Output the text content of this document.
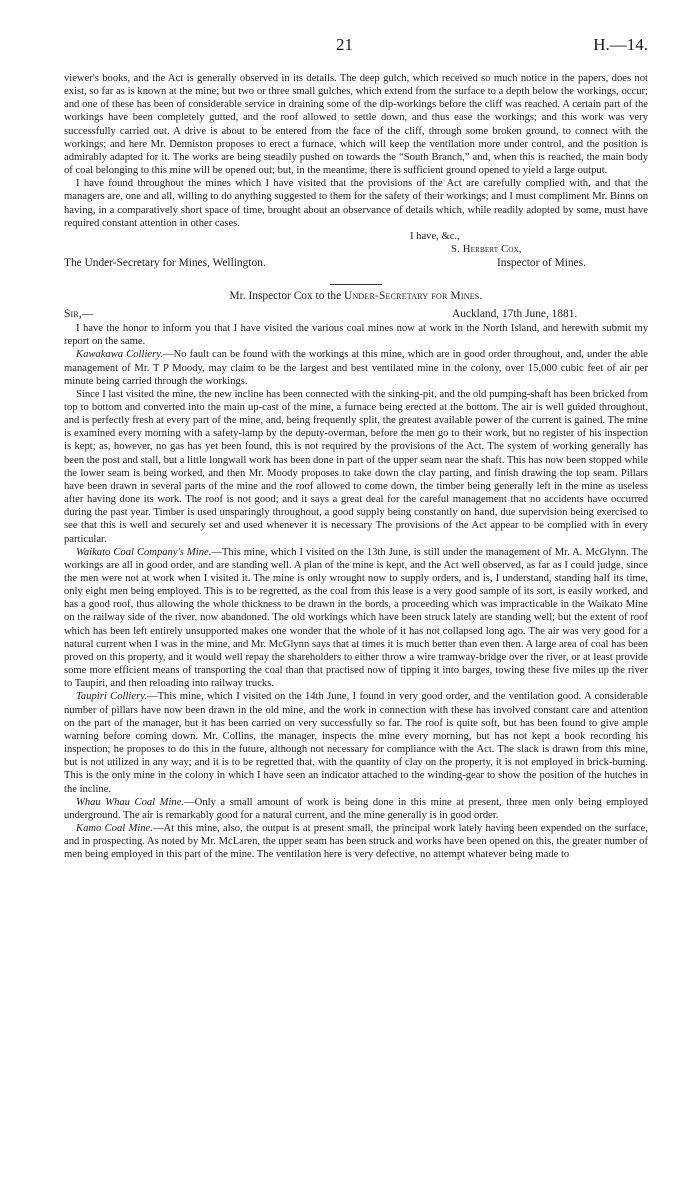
21	H.—14.

viewer's books, and the Act is generally observed in its details. The deep gulch, which received so much notice in the papers, does not exist, so far as is known at the mine; but two or three small gulches, which extend from the surface to a depth below the workings, occur; and one of these has been of considerable service in draining some of the dip-workings before the cliff was reached. A certain part of the workings have been completely gutted, and the roof allowed to settle down, and thus ease the workings; and this work was very successfully carried out. A drive is about to be entered from the face of the cliff, through some broken ground, to connect with the workings; and here Mr. Denniston proposes to erect a furnace, which will keep the ventilation more under control, and the position is admirably adapted for it. The works are being steadily pushed on towards the “South Branch,” and, when this is reached, the main body of coal belonging to this mine will be opened out; but, in the meantime, there is sufficient ground opened to yield a large output.

I have found throughout the mines which I have visited that the provisions of the Act are carefully complied with, and that the managers are, one and all, willing to do anything suggested to them for the safety of their workings; and I must compliment Mr. Binns on having, in a comparatively short space of time, brought about an observance of details which, while readily adopted by some, must have required constant attention in other cases.

I have, &c.,
S. Herbert Cox,
The Under-Secretary for Mines, Wellington.	Inspector of Mines.
Mr. Inspector Cox to the Under-Secretary for Mines.
Sir,—	Auckland, 17th June, 1881.

I have the honor to inform you that I have visited the various coal mines now at work in the North Island, and herewith submit my report on the same.

Kawakawa Colliery.—No fault can be found with the workings at this mine, which are in good order throughout, and, under the able management of Mr. T P Moody, may claim to be the largest and best ventilated mine in the colony, over 15,000 cubic feet of air per minute being carried through the workings.

Since I last visited the mine, the new incline has been connected with the sinking-pit, and the old pumping-shaft has been bricked from top to bottom and converted into the main up-cast of the mine, a furnace being erected at the bottom. The air is well guided throughout, and is perfectly fresh at every part of the mine, and, being frequently split, the greatest available power of the current is gained. The mine is examined every morning with a safety-lamp by the deputy-overman, before the men go to their work, but no register of his inspection is kept; as, however, no gas has yet been found, this is not required by the provisions of the Act. The system of working generally has been the post and stall, but a little longwall work has been done in part of the upper seam near the shaft. This has now been stopped while the lower seam is being worked, and then Mr. Moody proposes to take down the clay parting, and finish drawing the top seam. Pillars have been drawn in several parts of the mine and the roof allowed to come down, the timber being generally left in the mine as useless after having done its work. The roof is not good; and it says a great deal for the careful management that no accidents have occurred during the past year. Timber is used unsparingly throughout, a good supply being constantly on hand, due supervision being exercised to see that this is well and securely set and used whenever it is necessary The provisions of the Act appear to be complied with in every particular.

Waikato Coal Company's Mine.—This mine, which I visited on the 13th June, is still under the management of Mr. A. McGlynn. The workings are all in good order, and are standing well. A plan of the mine is kept, and the Act well observed, as far as I could judge, since the men were not at work when I visited it. The mine is only wrought now to supply orders, and is, I understand, standing half its time, only eight men being employed. This is to be regretted, as the coal from this lease is a very good sample of its sort, is easily worked, and has a good roof, thus allowing the whole thickness to be drawn in the bords, a proceeding which was impracticable in the Waikato Mine on the railway side of the river, now abandoned. The old workings which have been struck lately are standing well; but the extent of roof which has been left entirely unsupported makes one wonder that the whole of it has not collapsed long ago. The air was very good for a natural current when I was in the mine, and Mr. McGlynn says that at times it is much better than even then. A large area of coal has been proved on this property, and it would well repay the shareholders to either throw a wire tramway-bridge over the river, or at least provide some more efficient means of transporting the coal than that practised now of tipping it into barges, towing these five miles up the river to Taupiri, and then reloading into railway trucks.

Taupiri Colliery.—This mine, which I visited on the 14th June, I found in very good order, and the ventilation good. A considerable number of pillars have now been drawn in the old mine, and the work in connection with these has involved constant care and attention on the part of the manager, but it has been carried on very successfully so far. The roof is quite soft, but has been found to give ample warning before coming down. Mr. Collins, the manager, inspects the mine every morning, but has not kept a book recording his inspection; he proposes to do this in the future, although not necessary for compliance with the Act. The slack is drawn from this mine, but is not utilized in any way; and it is to be regretted that, with the quantity of clay on the property, it is not employed in brick-burning. This is the only mine in the colony in which I have seen an indicator attached to the winding-gear to show the position of the hutches in the incline.

Whau Whau Coal Mine.—Only a small amount of work is being done in this mine at present, three men only being employed underground. The air is remarkably good for a natural current, and the mine generally is in good order.

Kamo Coal Mine.—At this mine, also, the output is at present small, the principal work lately having been expended on the surface, and in prospecting. As noted by Mr. McLaren, the upper seam has been struck and works have been opened on this, the greater number of men being employed in this part of the mine. The ventilation here is very defective, no attempt whatever being made to
